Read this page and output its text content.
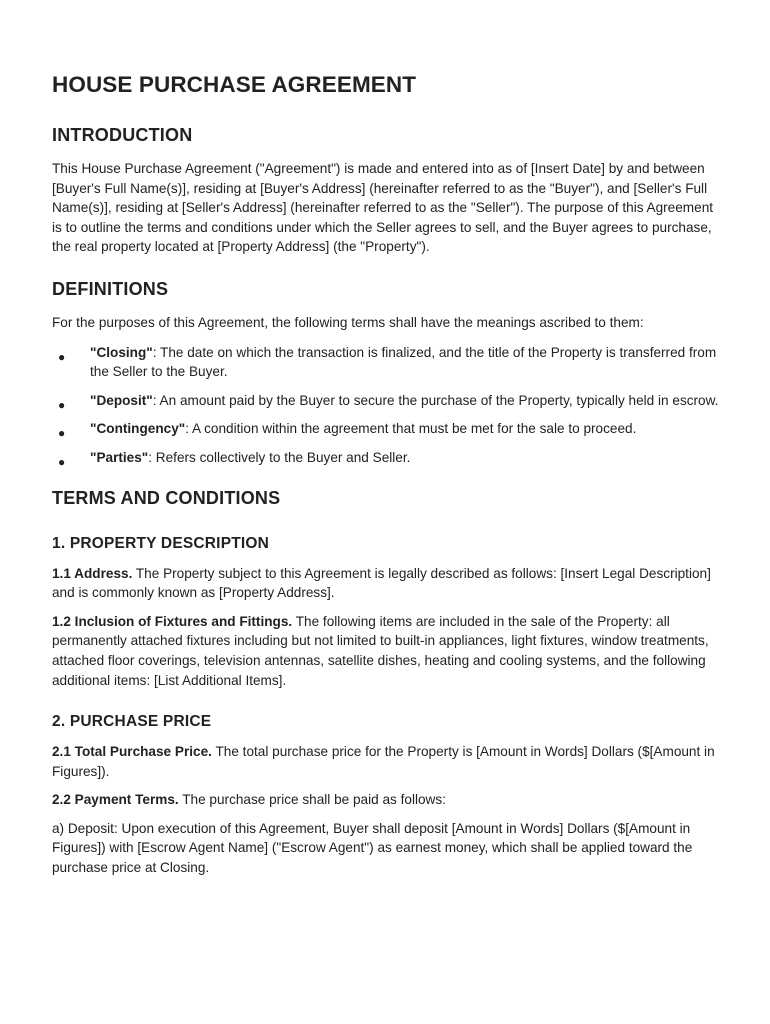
HOUSE PURCHASE AGREEMENT
INTRODUCTION

This House Purchase Agreement ("Agreement") is made and entered into as of [Insert Date] by and between [Buyer's Full Name(s)], residing at [Buyer's Address] (hereinafter referred to as the "Buyer"), and [Seller's Full Name(s)], residing at [Seller's Address] (hereinafter referred to as the "Seller"). The purpose of this Agreement is to outline the terms and conditions under which the Seller agrees to sell, and the Buyer agrees to purchase, the real property located at [Property Address] (the "Property").

DEFINITIONS

For the purposes of this Agreement, the following terms shall have the meanings ascribed to them:

● "Closing": The date on which the transaction is finalized, and the title of the Property is transferred from the Seller to the Buyer.
● "Deposit": An amount paid by the Buyer to secure the purchase of the Property, typically held in escrow.
● "Contingency": A condition within the agreement that must be met for the sale to proceed.
● "Parties": Refers collectively to the Buyer and Seller.
TERMS AND CONDITIONS
1. PROPERTY DESCRIPTION

1.1 Address. The Property subject to this Agreement is legally described as follows: [Insert Legal Description] and is commonly known as [Property Address].

1.2 Inclusion of Fixtures and Fittings. The following items are included in the sale of the Property: all permanently attached fixtures including but not limited to built-in appliances, light fixtures, window treatments, attached floor coverings, television antennas, satellite dishes, heating and cooling systems, and the following additional items: [List Additional Items].

2. PURCHASE PRICE

2.1 Total Purchase Price. The total purchase price for the Property is [Amount in Words] Dollars ($[Amount in Figures]).

2.2 Payment Terms. The purchase price shall be paid as follows:

a) Deposit: Upon execution of this Agreement, Buyer shall deposit [Amount in Words] Dollars ($[Amount in Figures]) with [Escrow Agent Name] ("Escrow Agent") as earnest money, which shall be applied toward the purchase price at Closing.
